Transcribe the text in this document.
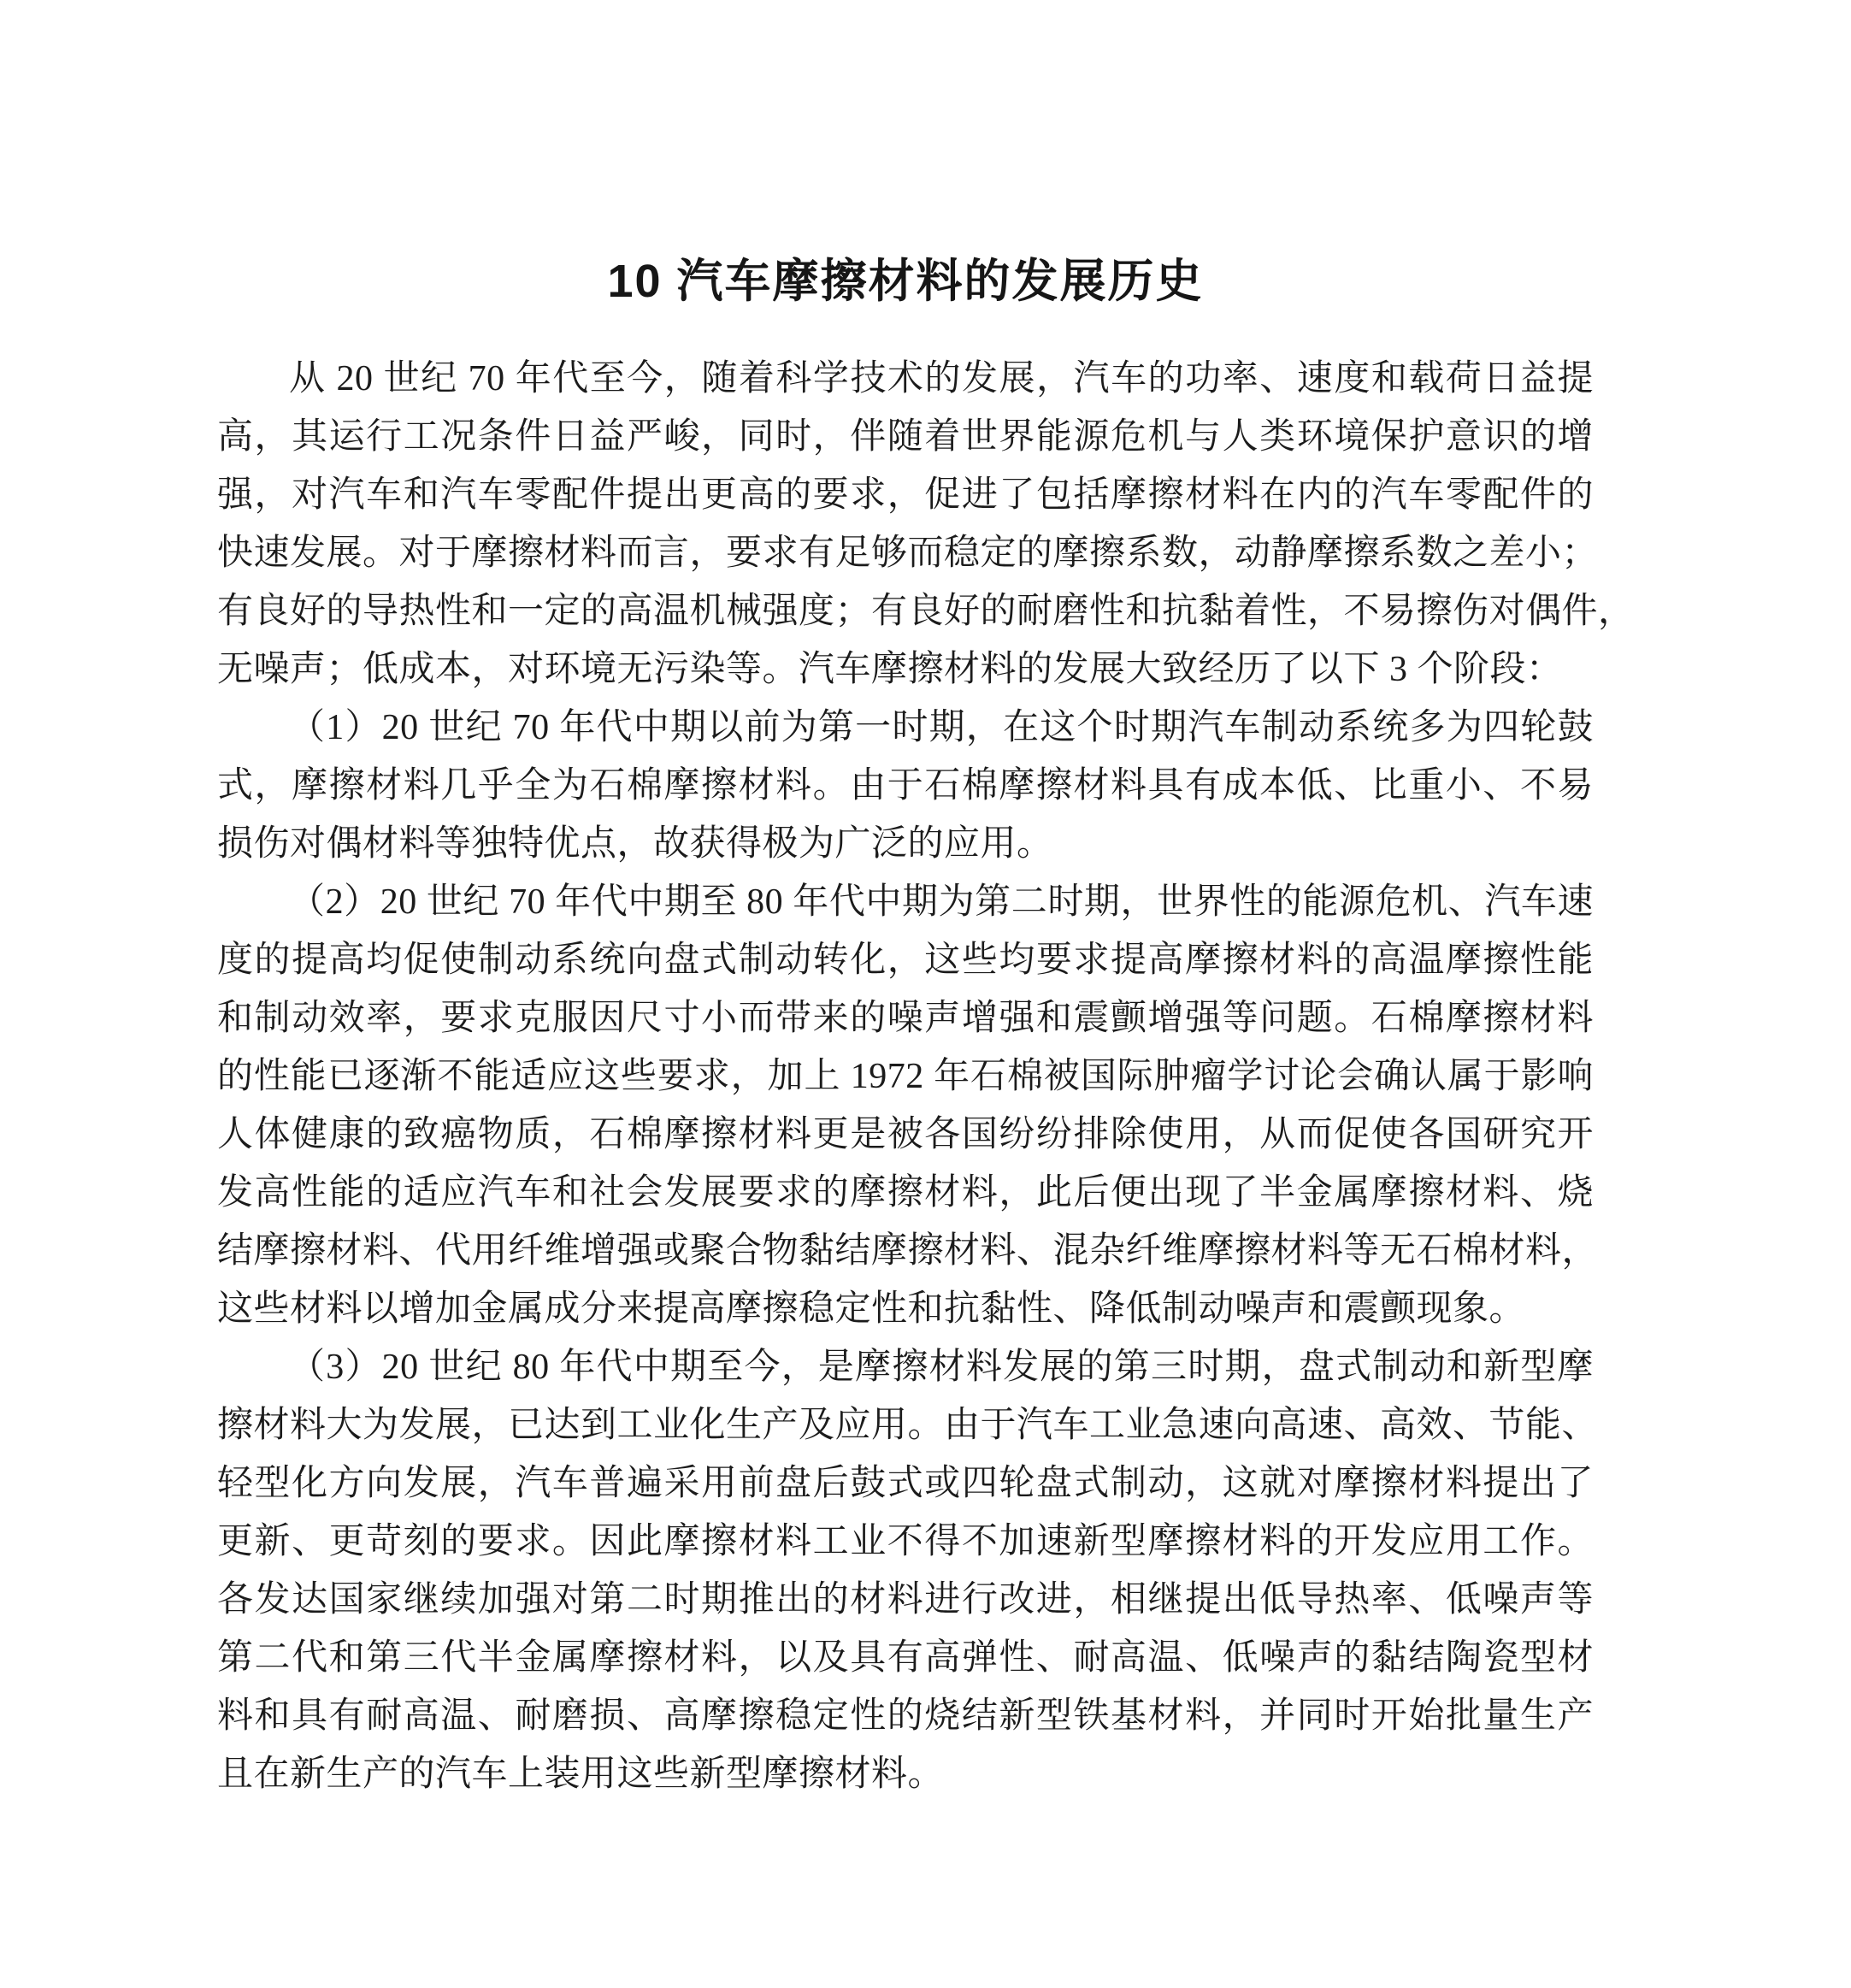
10 汽车摩擦材料的发展历史
从 20 世纪 70 年代至今，随着科学技术的发展，汽车的功率、速度和载荷日益提
高，其运行工况条件日益严峻，同时，伴随着世界能源危机与人类环境保护意识的增
强，对汽车和汽车零配件提出更高的要求，促进了包括摩擦材料在内的汽车零配件的
快速发展。对于摩擦材料而言，要求有足够而稳定的摩擦系数，动静摩擦系数之差小；
有良好的导热性和一定的高温机械强度；有良好的耐磨性和抗黏着性，不易擦伤对偶件，
无噪声；低成本，对环境无污染等。汽车摩擦材料的发展大致经历了以下 3 个阶段：
（1）20 世纪 70 年代中期以前为第一时期，在这个时期汽车制动系统多为四轮鼓
式，摩擦材料几乎全为石棉摩擦材料。由于石棉摩擦材料具有成本低、比重小、不易
损伤对偶材料等独特优点，故获得极为广泛的应用。
（2）20 世纪 70 年代中期至 80 年代中期为第二时期，世界性的能源危机、汽车速
度的提高均促使制动系统向盘式制动转化，这些均要求提高摩擦材料的高温摩擦性能
和制动效率，要求克服因尺寸小而带来的噪声增强和震颤增强等问题。石棉摩擦材料
的性能已逐渐不能适应这些要求，加上 1972 年石棉被国际肿瘤学讨论会确认属于影响
人体健康的致癌物质，石棉摩擦材料更是被各国纷纷排除使用，从而促使各国研究开
发高性能的适应汽车和社会发展要求的摩擦材料，此后便出现了半金属摩擦材料、烧
结摩擦材料、代用纤维增强或聚合物黏结摩擦材料、混杂纤维摩擦材料等无石棉材料，
这些材料以增加金属成分来提高摩擦稳定性和抗黏性、降低制动噪声和震颤现象。
（3）20 世纪 80 年代中期至今，是摩擦材料发展的第三时期，盘式制动和新型摩
擦材料大为发展，已达到工业化生产及应用。由于汽车工业急速向高速、高效、节能、
轻型化方向发展，汽车普遍采用前盘后鼓式或四轮盘式制动，这就对摩擦材料提出了
更新、更苛刻的要求。因此摩擦材料工业不得不加速新型摩擦材料的开发应用工作。
各发达国家继续加强对第二时期推出的材料进行改进，相继提出低导热率、低噪声等
第二代和第三代半金属摩擦材料，以及具有高弹性、耐高温、低噪声的黏结陶瓷型材
料和具有耐高温、耐磨损、高摩擦稳定性的烧结新型铁基材料，并同时开始批量生产
且在新生产的汽车上装用这些新型摩擦材料。
